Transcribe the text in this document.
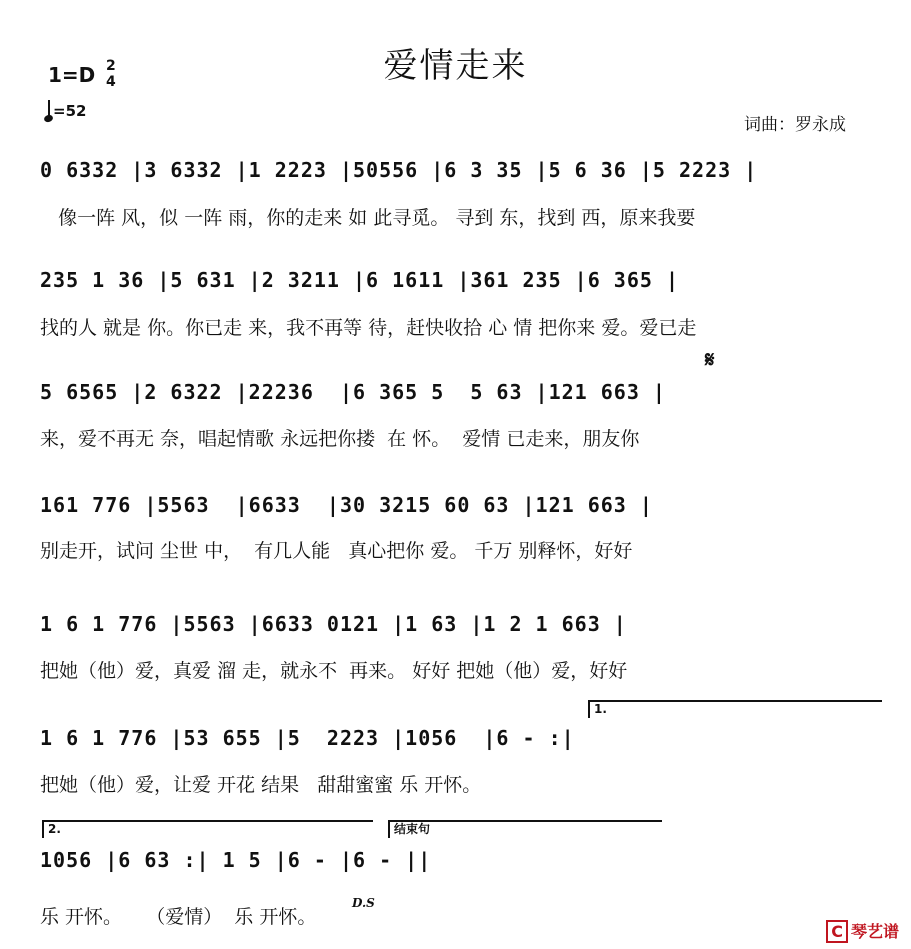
爱情走来
1=D 2
4
=52
词曲：罗永成
0 6332 |3 6332 |1 2223 |50556 |6 3 35 |5 6 36 |5 2223 |
像一阵 风，似 一阵 雨，你的走来 如 此寻觅。 寻到 东，找到 西，原来我要
235 1 36 |5 631 |2 3211 |6 1611 |361 235 |6 365 |
找的人 就是 你。你已走 来，我不再等 待，赶快收拾 心 情 把你来 爱。爱已走
𝄋
5 6565 |2 6322 |22236  |6 365 5  5 63 |121 663 |
来，爱不再无 奈，唱起情歌 永远把你搂  在 怀。  爱情 已走来，朋友你
161 776 |5563  |6633  |30 3215 60 63 |121 663 |
别走开，试问 尘世 中，  有几人能   真心把你 爱。 千万 别释怀，好好
1 6 1 776 |5563 |6633 0121 |1 63 |1 2 1 663 |
把她（他）爱，真爱 溜 走，就永不  再来。 好好 把她（他）爱，好好
1.
1 6 1 776 |53 655 |5  2223 |1056  |6 - :|
把她（他）爱，让爱 开花 结果   甜甜蜜蜜 乐 开怀。
2.	结束句
1056 |6 63 :| 1 5 |6 - |6 - ||
D.S
乐 开怀。    （爱情）  乐 开怀。
C 琴艺谱
